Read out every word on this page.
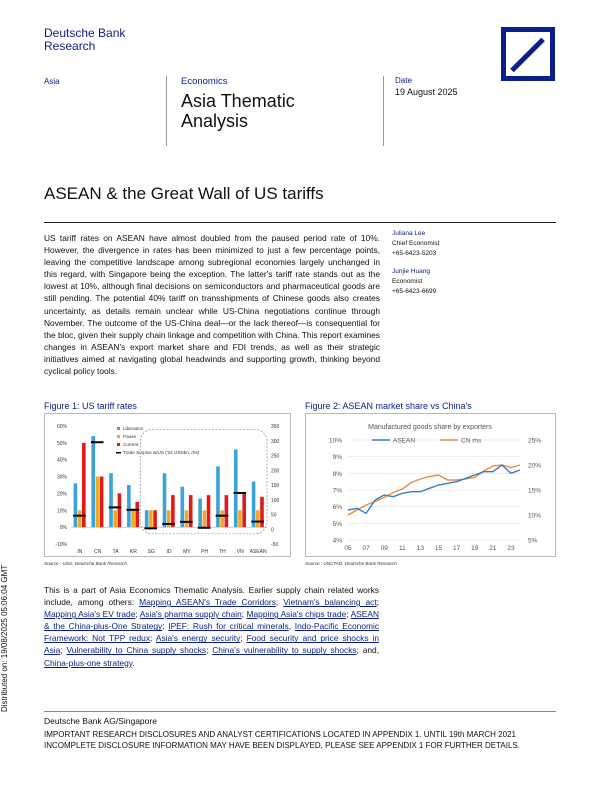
Deutsche Bank
Research
Asia	Economics
Asia Thematic
Analysis
Date
19 August 2025
ASEAN & the Great Wall of US tariffs
US tariff rates on ASEAN have almost doubled from the paused period rate of 10%. However, the divergence in rates has been minimized to just a few percentage points, leaving the competitive landscape among subregional economies largely unchanged in this regard, with Singapore being the exception. The latter's tariff rate stands out as the lowest at 10%, although final decisions on semiconductors and pharmaceutical goods are still pending. The potential 40% tariff on transshipments of Chinese goods also creates uncertainty, as details remain unclear while US-China negotiations continue through November. The outcome of the US-China deal—or the lack thereof—is consequential for the bloc, given their supply chain linkage and competition with China. This report examines changes in ASEAN's export market share and FDI trends, as well as their strategic initiatives aimed at navigating global headwinds and supporting growth, thinking beyond cyclical policy tools.
Juliana Lee
Chief Economist
+65-6423-5203
Junjie Huang
Economist
+65-6423-6699
Figure 1: US tariff rates
-10%
0%
10%
20%
30%
40%
50%
60%
-50
0
50
100
150
200
250
300
350
IN CN TA KR SG ID MY PH TH VN ASEAN
Liberation
Pause
Current
Trade Surplus w/US ('24 USDbn, rhs)
Source : USG, Deutsche Bank Research
Figure 2: ASEAN market share vs China's
Manufactured goods share by exporters
4%
5%
6%
7%
8%
9%
10%
5%
10%
15%
20%
25%
05 07 09 11 13 15 17 19 21 23
ASEAN	CN rhs
Source : UNCTAD, Deutsche Bank Research
This is a part of Asia Economics Thematic Analysis. Earlier supply chain related works include, among others: Mapping ASEAN's Trade Corridors; Vietnam's balancing act; Mapping Asia's EV trade; Asia's pharma supply chain; Mapping Asia's chips trade; ASEAN & the China-plus-One Strategy; IPEF: Rush for critical minerals, Indo-Pacific Economic Framework: Not TPP redux; Asia's energy security; Food security and price shocks in Asia; Vulnerability to China supply shocks; China's vulnerability to supply shocks; and, China-plus-one strategy.
Deutsche Bank AG/Singapore
IMPORTANT RESEARCH DISCLOSURES AND ANALYST CERTIFICATIONS LOCATED IN APPENDIX 1. UNTIL 19th MARCH 2021 INCOMPLETE DISCLOSURE INFORMATION MAY HAVE BEEN DISPLAYED, PLEASE SEE APPENDIX 1 FOR FURTHER DETAILS.
Distributed on: 19/08/2025 05:06:04 GMT
